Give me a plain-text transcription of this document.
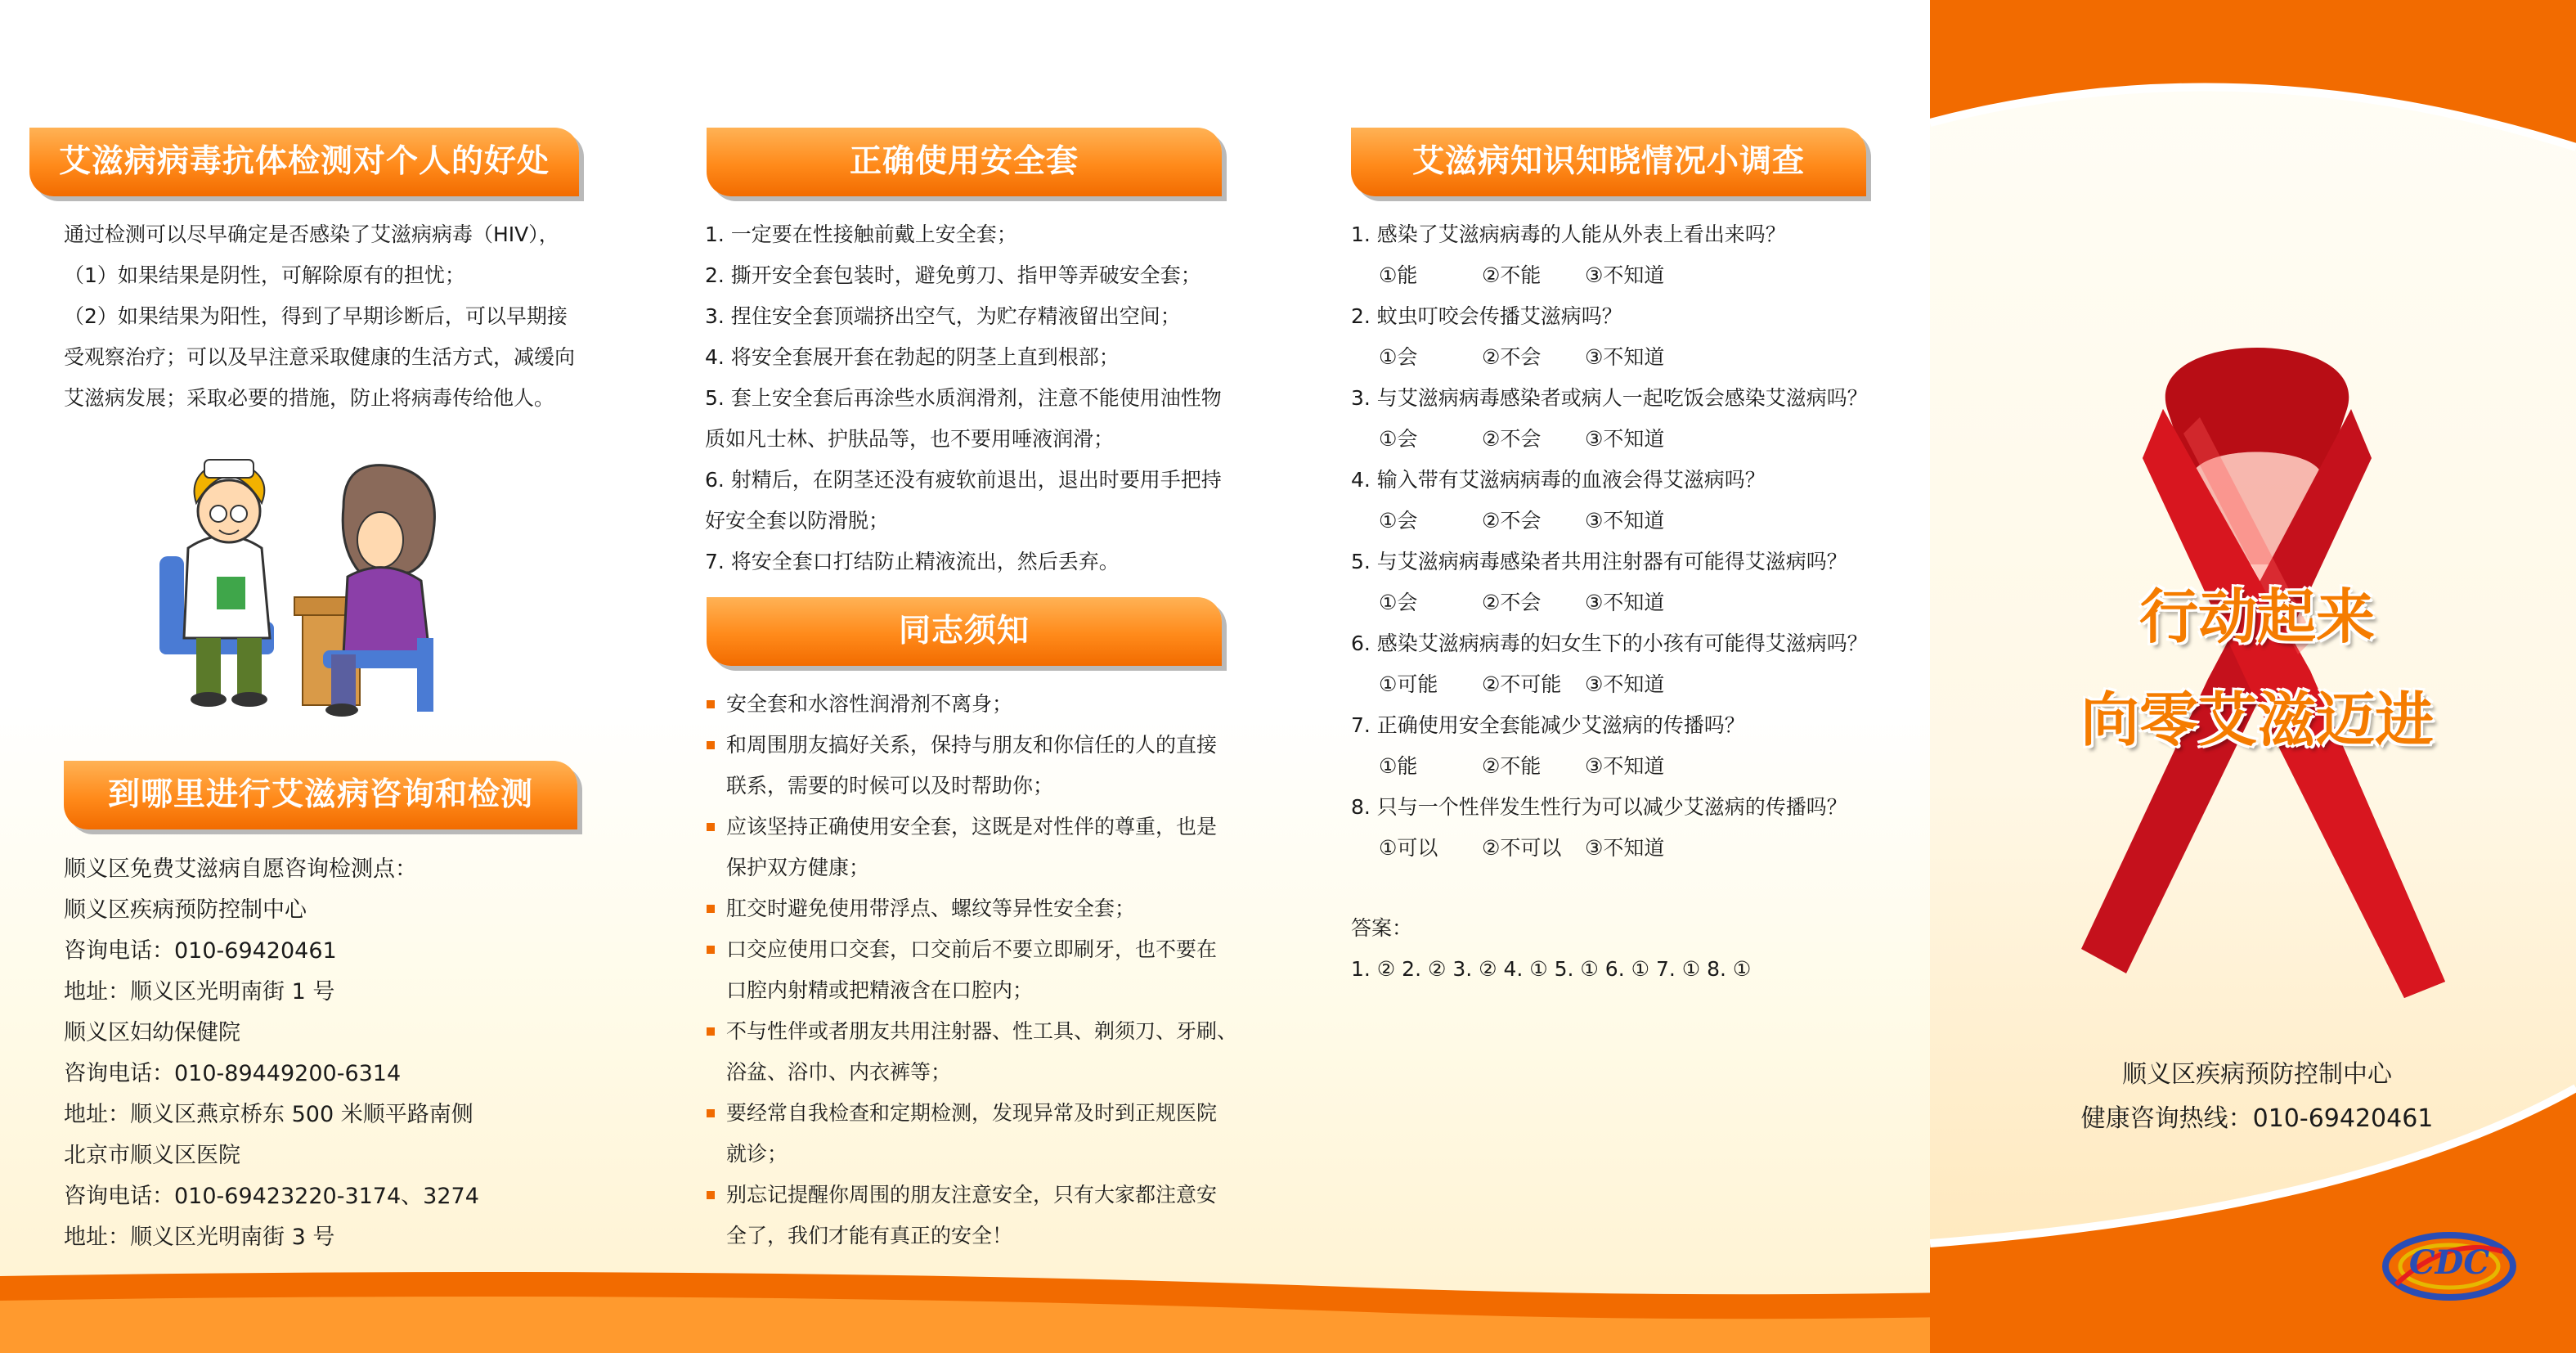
行动起来
向零艾滋迈进
顺义区疾病预防控制中心
健康咨询热线：010-69420461
CDC
艾滋病病毒抗体检测对个人的好处

通过检测可以尽早确定是否感染了艾滋病病毒（HIV），

（1）如果结果是阴性，可解除原有的担忧；

（2）如果结果为阳性，得到了早期诊断后，可以早期接

受观察治疗；可以及早注意采取健康的生活方式，减缓向

艾滋病发展；采取必要的措施，防止将病毒传给他人。

到哪里进行艾滋病咨询和检测

顺义区免费艾滋病自愿咨询检测点：

顺义区疾病预防控制中心

咨询电话：010-69420461

地址：顺义区光明南街 1 号

顺义区妇幼保健院

咨询电话：010-89449200-6314

地址：顺义区燕京桥东 500 米顺平路南侧

北京市顺义区医院

咨询电话：010-69423220-3174、3274

地址：顺义区光明南街 3 号

正确使用安全套

1. 一定要在性接触前戴上安全套；

2. 撕开安全套包装时，避免剪刀、指甲等弄破安全套；

3. 捏住安全套顶端挤出空气，为贮存精液留出空间；

4. 将安全套展开套在勃起的阴茎上直到根部；

5. 套上安全套后再涂些水质润滑剂，注意不能使用油性物

质如凡士林、护肤品等，也不要用唾液润滑；

6. 射精后，在阴茎还没有疲软前退出，退出时要用手把持

好安全套以防滑脱；

7. 将安全套口打结防止精液流出，然后丢弃。

同志须知
安全套和水溶性润滑剂不离身；
和周围朋友搞好关系，保持与朋友和你信任的人的直接
联系，需要的时候可以及时帮助你；
应该坚持正确使用安全套，这既是对性伴的尊重，也是
保护双方健康；
肛交时避免使用带浮点、螺纹等异性安全套；
口交应使用口交套，口交前后不要立即刷牙，也不要在
口腔内射精或把精液含在口腔内；
不与性伴或者朋友共用注射器、性工具、剃须刀、牙刷、
浴盆、浴巾、内衣裤等；
要经常自我检查和定期检测，发现异常及时到正规医院
就诊；
别忘记提醒你周围的朋友注意安全，只有大家都注意安
全了，我们才能有真正的安全！
艾滋病知识知晓情况小调查

1. 感染了艾滋病病毒的人能从外表上看出来吗？

①能	②不能 ③不知道

2. 蚊虫叮咬会传播艾滋病吗？

①会	②不会 ③不知道

3. 与艾滋病病毒感染者或病人一起吃饭会感染艾滋病吗？

①会	②不会 ③不知道

4. 输入带有艾滋病病毒的血液会得艾滋病吗？

①会	②不会 ③不知道

5. 与艾滋病病毒感染者共用注射器有可能得艾滋病吗？

①会	②不会 ③不知道

6. 感染艾滋病病毒的妇女生下的小孩有可能得艾滋病吗？

①可能 ②不可能 ③不知道

7. 正确使用安全套能减少艾滋病的传播吗？

①能	②不能 ③不知道

8. 只与一个性伴发生性行为可以减少艾滋病的传播吗？

①可以 ②不可以 ③不知道

答案：

1. ② 2. ② 3. ② 4. ① 5. ① 6. ① 7. ① 8. ①
